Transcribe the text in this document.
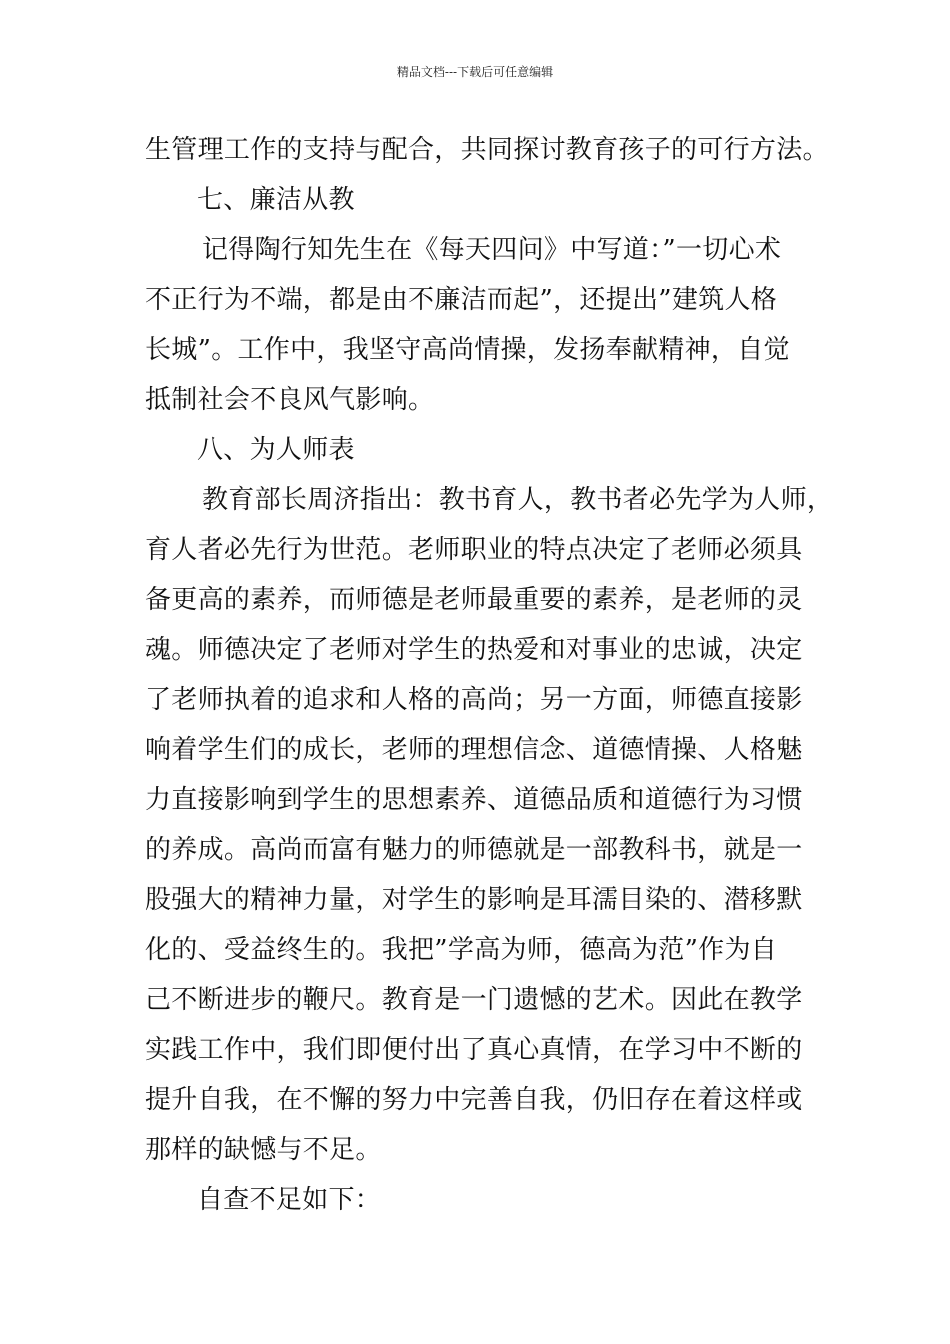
精品文档---下载后可任意编辑
生管理工作的支持与配合，共同探讨教育孩子的可行方法。
七、廉洁从教
记得陶行知先生在《每天四问》中写道：”一切心术
不正行为不端，都是由不廉洁而起”，还提出”建筑人格
长城”。工作中，我坚守高尚情操，发扬奉献精神，自觉
抵制社会不良风气影响。
八、为人师表
教育部长周济指出：教书育人，教书者必先学为人师，
育人者必先行为世范。老师职业的特点决定了老师必须具
备更高的素养，而师德是老师最重要的素养，是老师的灵
魂。师德决定了老师对学生的热爱和对事业的忠诚，决定
了老师执着的追求和人格的高尚；另一方面，师德直接影
响着学生们的成长，老师的理想信念、道德情操、人格魅
力直接影响到学生的思想素养、道德品质和道德行为习惯
的养成。高尚而富有魅力的师德就是一部教科书，就是一
股强大的精神力量，对学生的影响是耳濡目染的、潜移默
化的、受益终生的。我把”学高为师，德高为范”作为自
己不断进步的鞭尺。教育是一门遗憾的艺术。因此在教学
实践工作中，我们即便付出了真心真情，在学习中不断的
提升自我，在不懈的努力中完善自我，仍旧存在着这样或
那样的缺憾与不足。
自查不足如下：
